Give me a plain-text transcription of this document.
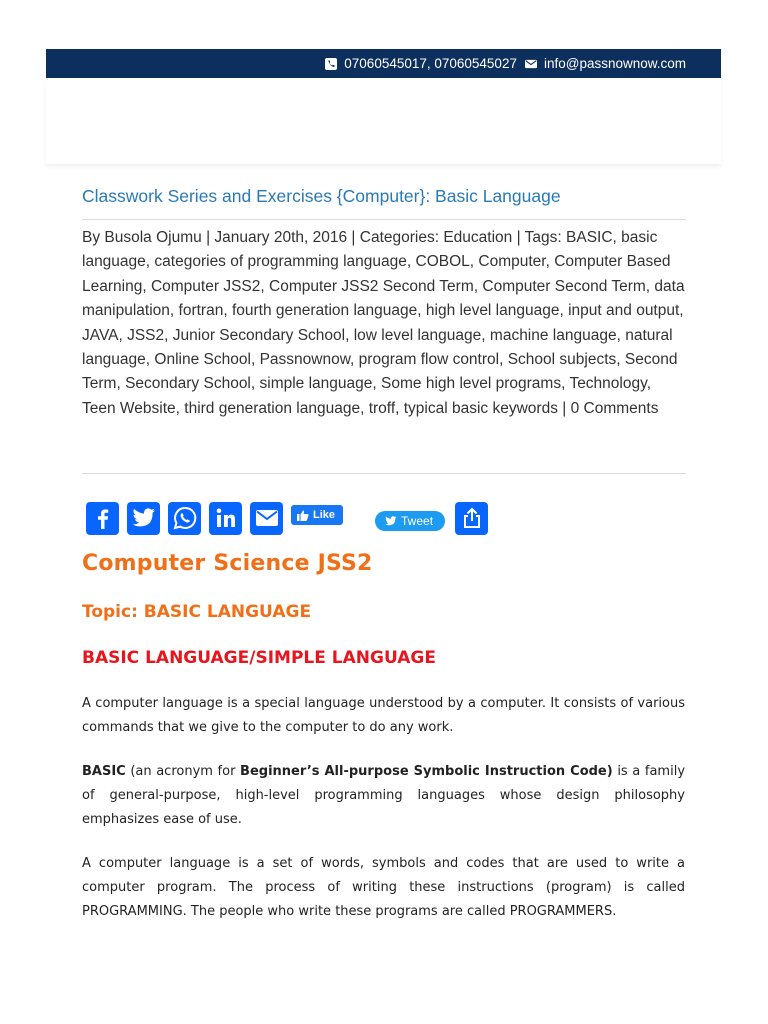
07060545017, 07060545027 info@passnownow.com
Classwork Series and Exercises {Computer}: Basic Language
By Busola Ojumu | January 20th, 2016 | Categories: Education | Tags: BASIC, basic language, categories of programming language, COBOL, Computer, Computer Based Learning, Computer JSS2, Computer JSS2 Second Term, Computer Second Term, data manipulation, fortran, fourth generation language, high level language, input and output, JAVA, JSS2, Junior Secondary School, low level language, machine language, natural language, Online School, Passnownow, program flow control, School subjects, Second Term, Secondary School, simple language, Some high level programs, Technology, Teen Website, third generation language, troff, typical basic keywords | 0 Comments
Like	Tweet
Computer Science JSS2
Topic: BASIC LANGUAGE
BASIC LANGUAGE/SIMPLE LANGUAGE

A computer language is a special language understood by a computer. It consists of various commands that we give to the computer to do any work.

BASIC (an acronym for Beginner’s All-purpose Symbolic Instruction Code) is a family of general-purpose, high-level programming languages whose design philosophy emphasizes ease of use.

A computer language is a set of words, symbols and codes that are used to write a computer program. The process of writing these instructions (program) is called PROGRAMMING. The people who write these programs are called PROGRAMMERS.
